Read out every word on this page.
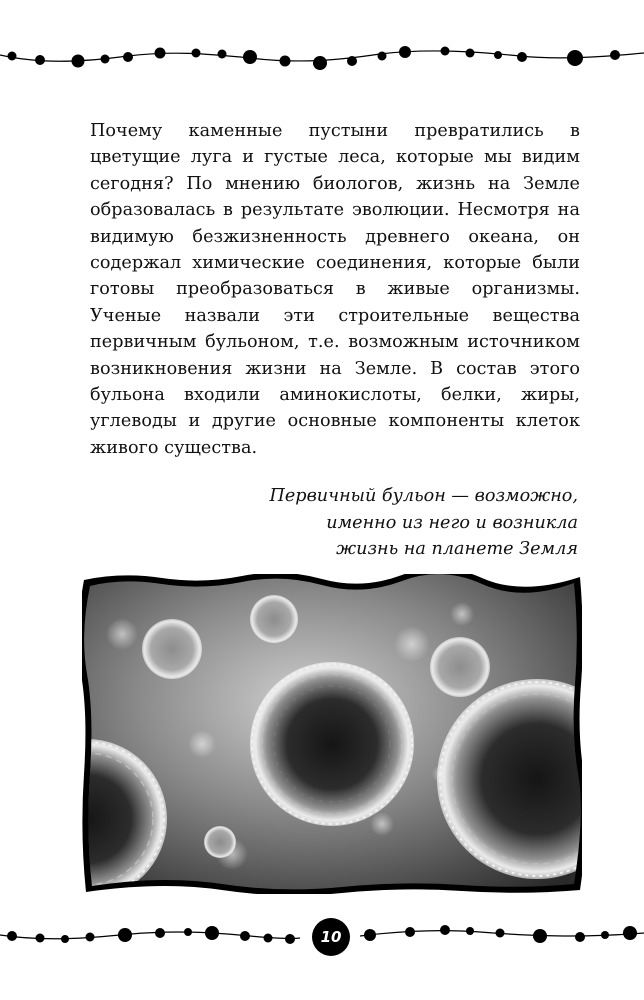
Почему каменные пустыни превратились в цветущие луга и густые леса, которые мы видим сегодня? По мнению биологов, жизнь на Земле образовалась в результате эволюции. Несмотря на видимую безжизненность древнего океана, он содержал химические соединения, которые были готовы преобразоваться в живые организмы. Ученые назвали эти строительные вещества первичным бульоном, т.е. возможным источником возникновения жизни на Земле. В состав этого бульона входили аминокислоты, белки, жиры, углеводы и другие основные компоненты клеток живого существа.

Первичный бульон — возможно,
именно из него и возникла
жизнь на планете Земля

10
